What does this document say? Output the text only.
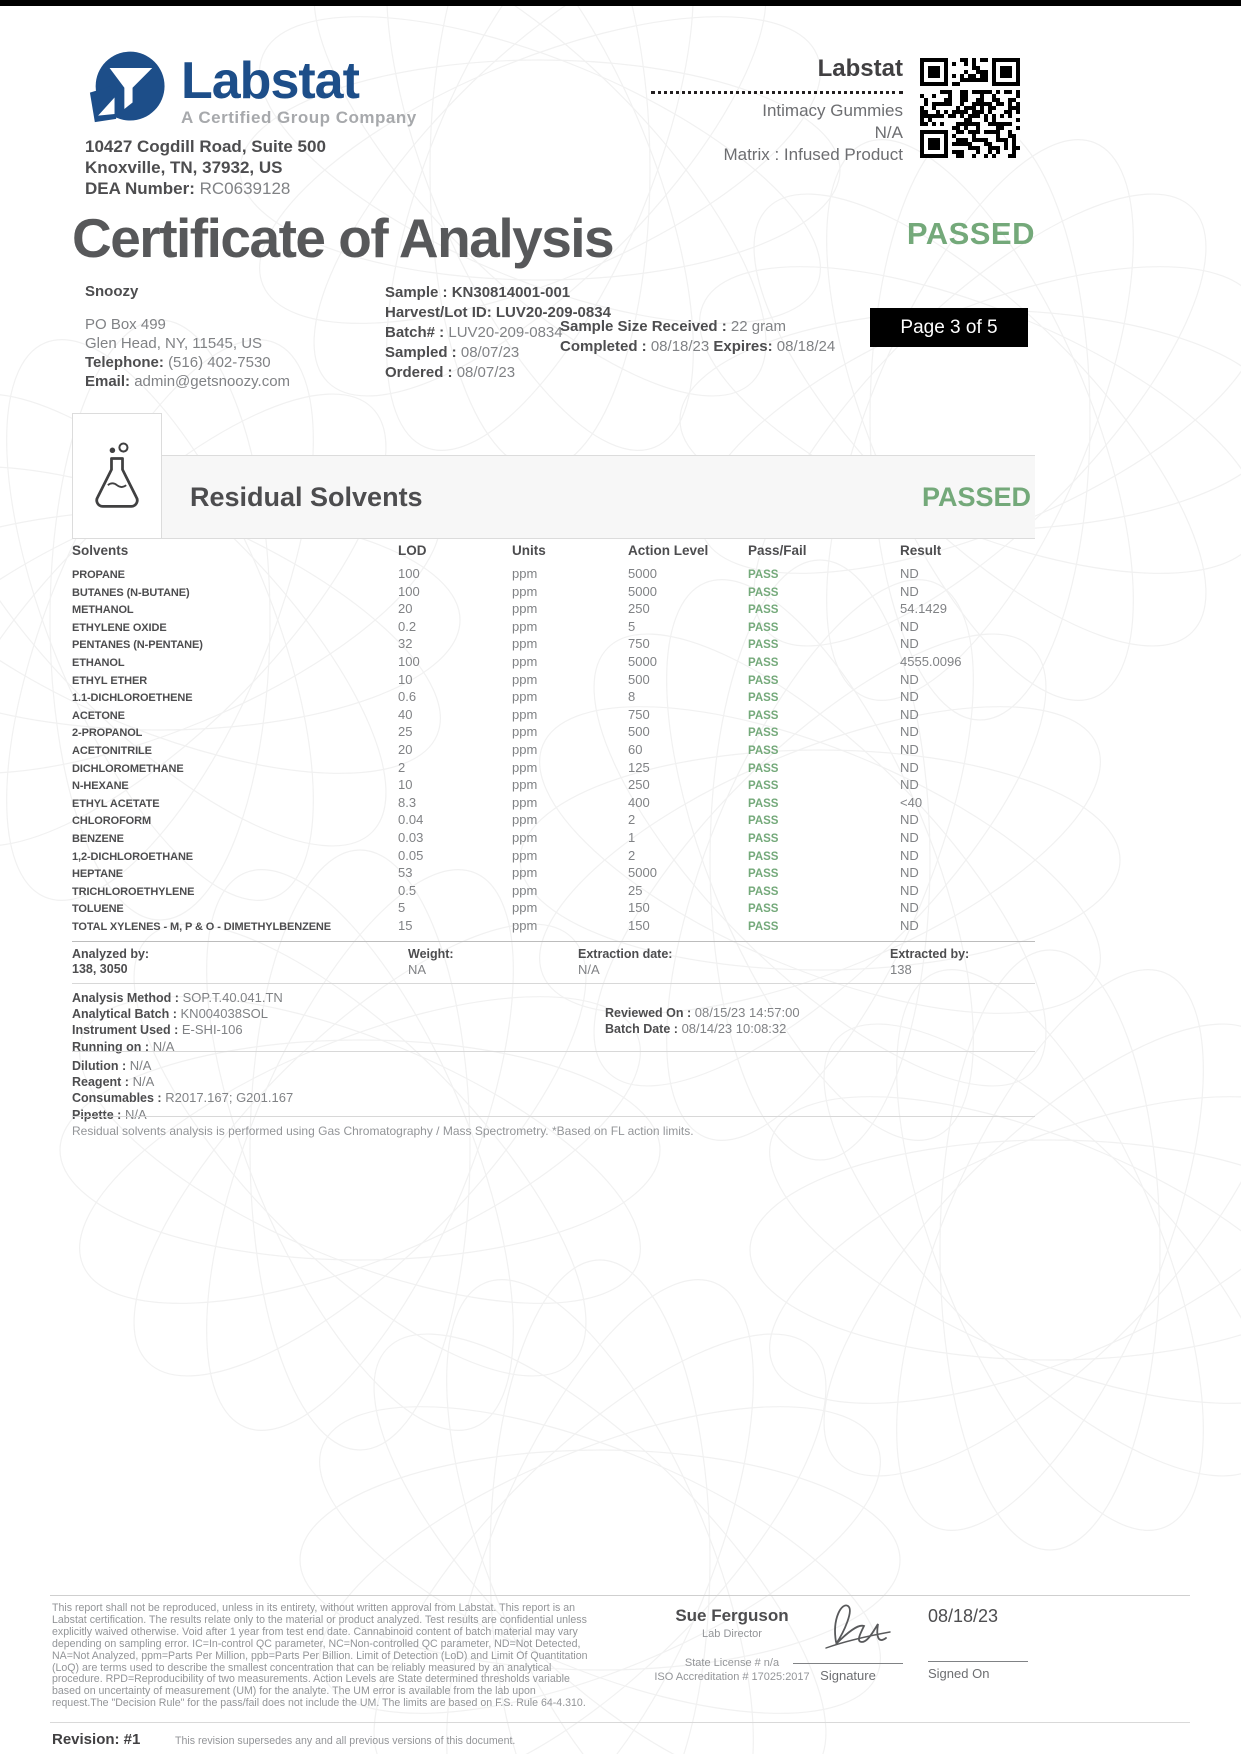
Labstat
A Certified Group Company
10427 Cogdill Road, Suite 500
Knoxville, TN, 37932, US
DEA Number: RC0639128
Labstat
Intimacy Gummies
N/A
Matrix : Infused Product
Certificate of Analysis	PASSED
Page 3 of 5
Snoozy
PO Box 499
Glen Head, NY, 11545, US
Telephone: (516) 402-7530
Email: admin@getsnoozy.com
Sample : KN30814001-001
Harvest/Lot ID: LUV20-209-0834
Batch# : LUV20-209-0834
Sampled : 08/07/23
Ordered : 08/07/23
Sample Size Received : 22 gram
Completed : 08/18/23 Expires: 08/18/24
Residual Solvents	PASSED
Solvents	LOD	Units	Action Level	Pass/Fail	Result
PROPANE	100	ppm	5000	PASS	ND
BUTANES (N-BUTANE)	100	ppm	5000	PASS	ND
METHANOL	20	ppm	250	PASS	54.1429
ETHYLENE OXIDE	0.2	ppm	5	PASS	ND
PENTANES (N-PENTANE)	32	ppm	750	PASS	ND
ETHANOL	100	ppm	5000	PASS	4555.0096
ETHYL ETHER	10	ppm	500	PASS	ND
1.1-DICHLOROETHENE	0.6	ppm	8	PASS	ND
ACETONE	40	ppm	750	PASS	ND
2-PROPANOL	25	ppm	500	PASS	ND
ACETONITRILE	20	ppm	60	PASS	ND
DICHLOROMETHANE	2	ppm	125	PASS	ND
N-HEXANE	10	ppm	250	PASS	ND
ETHYL ACETATE	8.3	ppm	400	PASS	<40
CHLOROFORM	0.04	ppm	2	PASS	ND
BENZENE	0.03	ppm	1	PASS	ND
1,2-DICHLOROETHANE	0.05	ppm	2	PASS	ND
HEPTANE	53	ppm	5000	PASS	ND
TRICHLOROETHYLENE	0.5	ppm	25	PASS	ND
TOLUENE	5	ppm	150	PASS	ND
TOTAL XYLENES - M, P & O - DIMETHYLBENZENE	15	ppm	150	PASS	ND
Analyzed by:
138, 3050
Weight:
NA
Extraction date:
N/A
Extracted by:
138
Analysis Method : SOP.T.40.041.TN
Analytical Batch : KN004038SOL
Instrument Used : E-SHI-106
Running on : N/A
Reviewed On : 08/15/23 14:57:00
Batch Date : 08/14/23 10:08:32
Dilution : N/A
Reagent : N/A
Consumables : R2017.167; G201.167
Pipette : N/A
Residual solvents analysis is performed using Gas Chromatography / Mass Spectrometry. *Based on FL action limits.
This report shall not be reproduced, unless in its entirety, without written approval from Labstat. This report is an Labstat certification. The results relate only to the material or product analyzed. Test results are confidential unless explicitly waived otherwise. Void after 1 year from test end date. Cannabinoid content of batch material may vary depending on sampling error. IC=In-control QC parameter, NC=Non-controlled QC parameter, ND=Not Detected, NA=Not Analyzed, ppm=Parts Per Million, ppb=Parts Per Billion. Limit of Detection (LoD) and Limit Of Quantitation (LoQ) are terms used to describe the smallest concentration that can be reliably measured by an analytical procedure. RPD=Reproducibility of two measurements. Action Levels are State determined thresholds variable based on uncertainty of measurement (UM) for the analyte. The UM error is available from the lab upon request.The "Decision Rule" for the pass/fail does not include the UM. The limits are based on F.S. Rule 64-4.310.
Sue Ferguson
Lab Director
State License # n/a
ISO Accreditation # 17025:2017 Signature
08/18/23
Signed On
Revision: #1	This revision supersedes any and all previous versions of this document.
